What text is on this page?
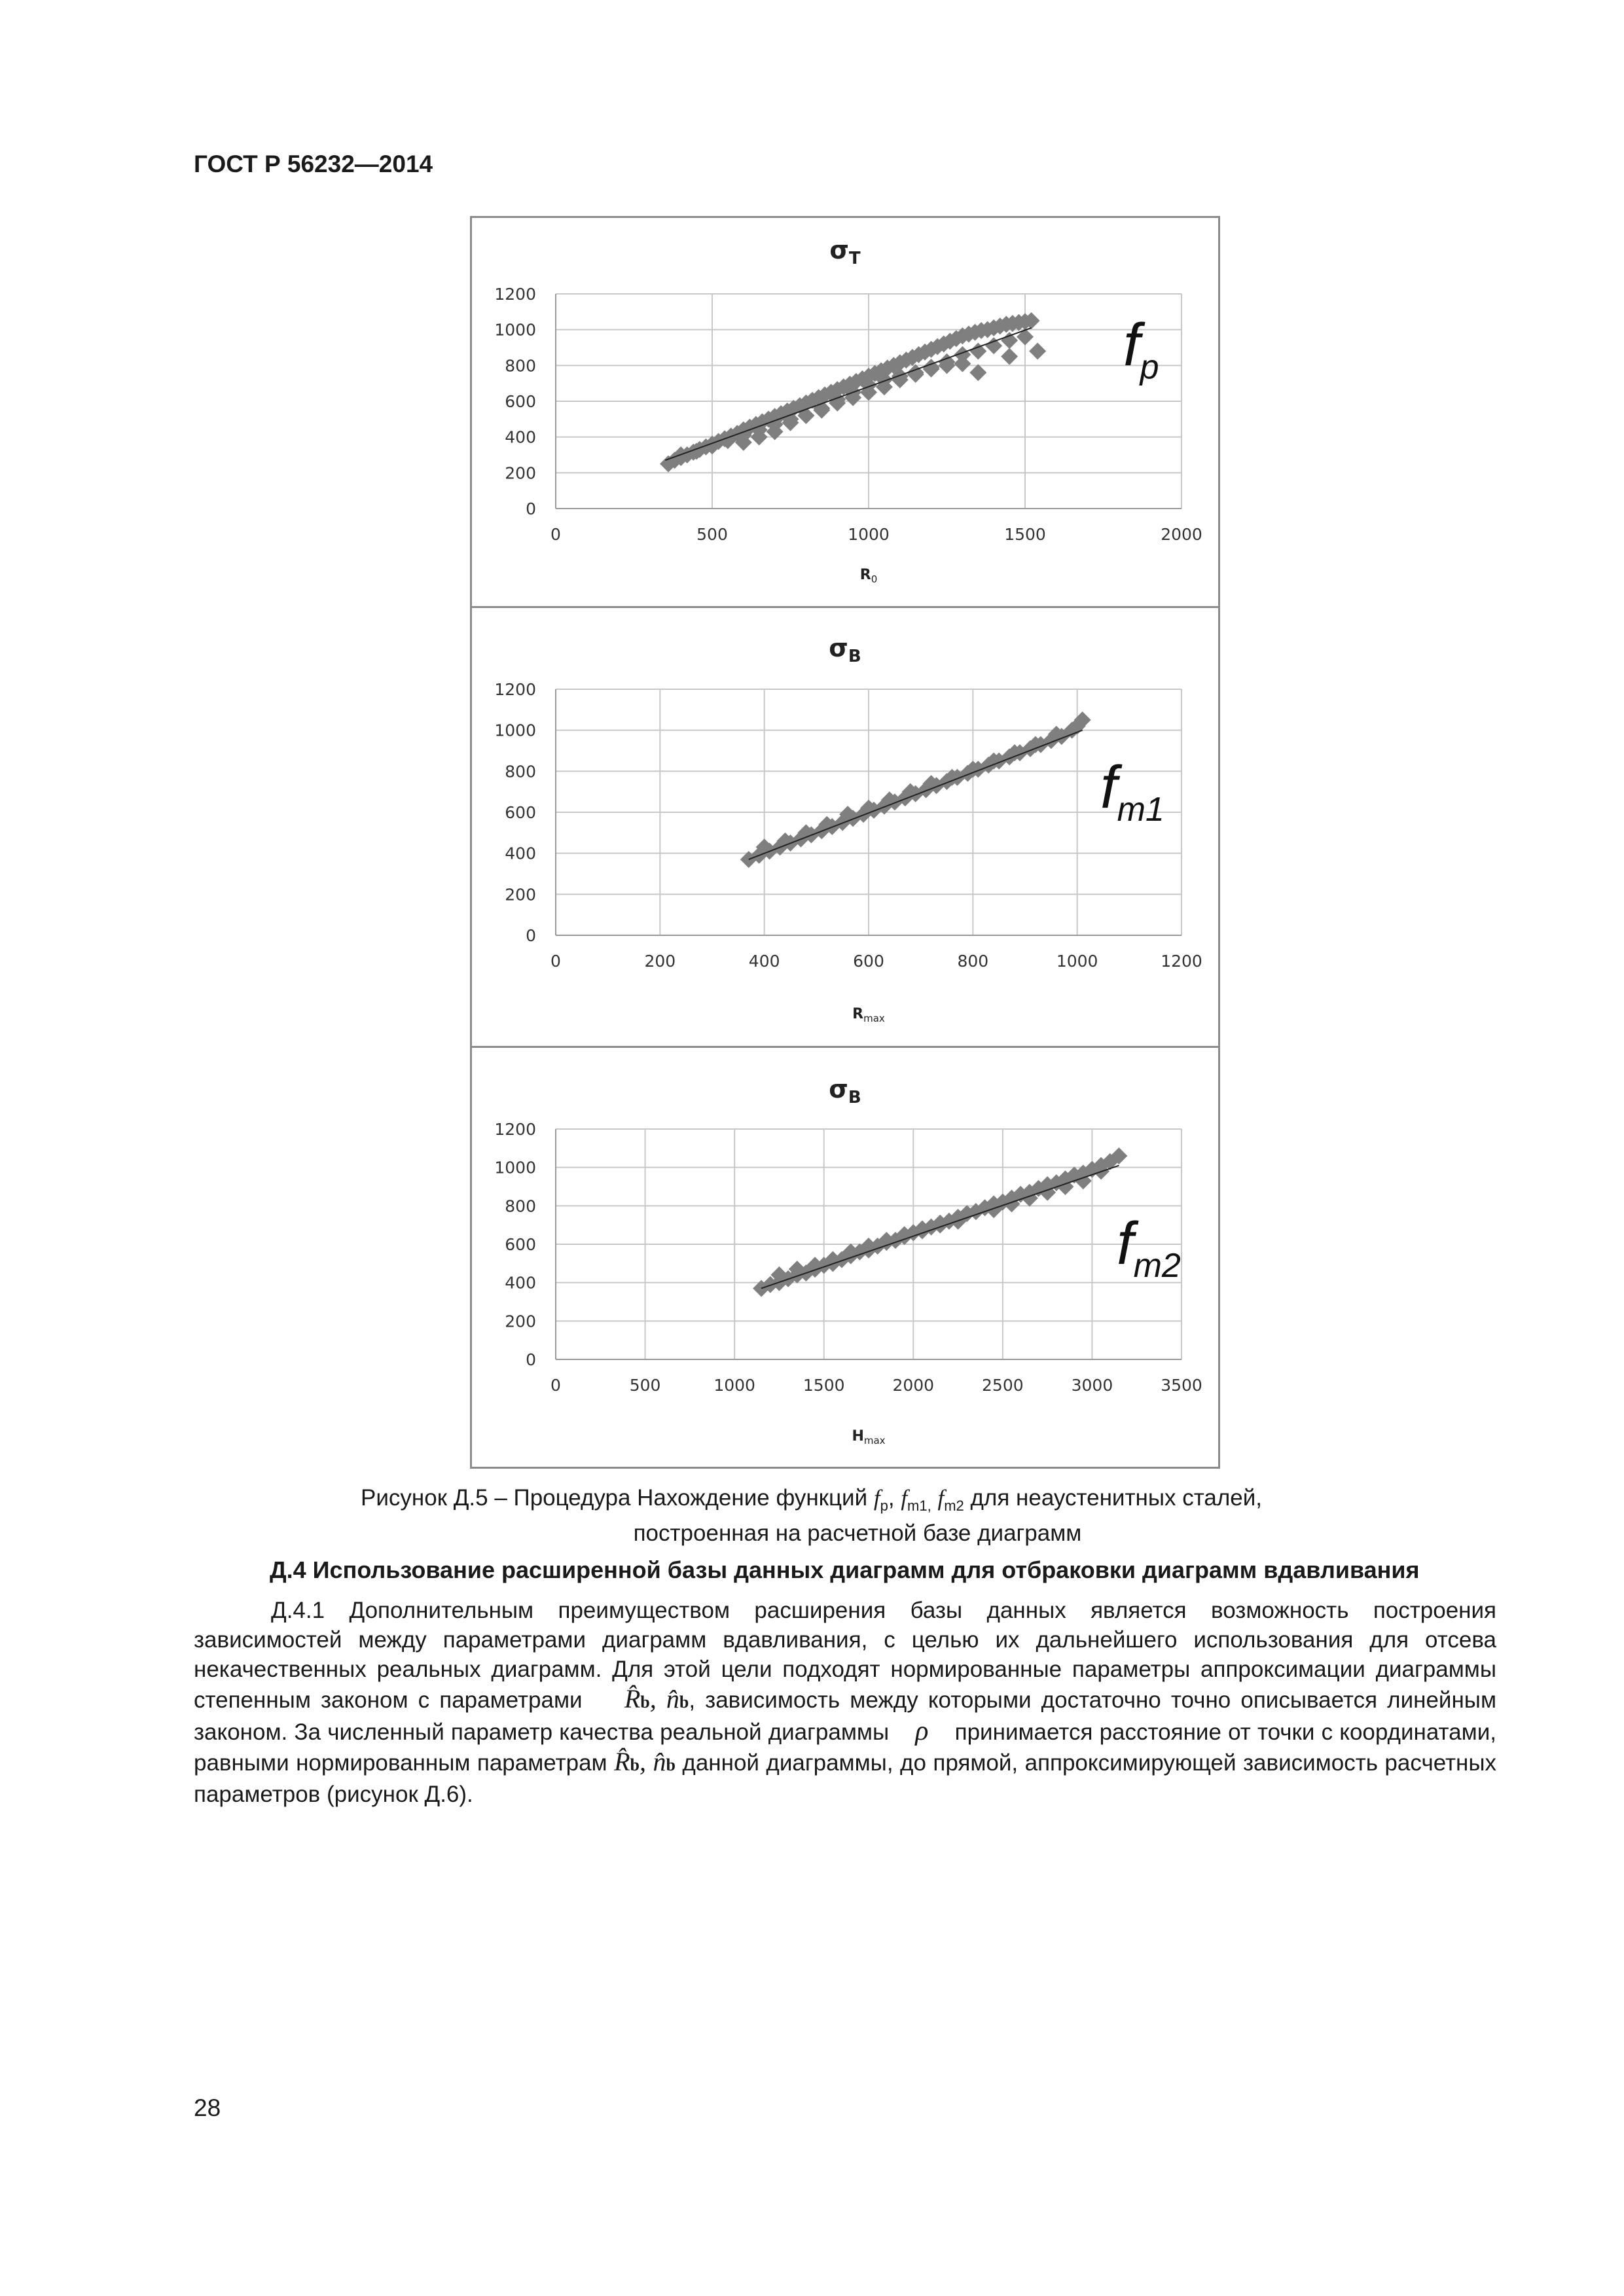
ГОСТ Р 56232—2014
$\sigma_T$
0	500	1000	1500	2000
0
200
400
600
800
1000
1200
$R_0$
$f_p$
$\sigma_B$
0	200	400	600	800	1000	1200
0
200
400
600
800
1000
1200
$R_{max}$
$f_{m1}$
$\sigma_B$
0	500	1000	1500	2000	2500	3000	3500
0
200
400
600
800
1000
1200
$H_{max}$
$f_{m2}$
Рисунок Д.5 – Процедура Нахождение функций $f_p$, $f_{m1,}$ $f_{m2}$ для неаустенитных сталей,
построенная на расчетной базе диаграмм
Д.4 Использование расширенной базы данных диаграмм для отбраковки диаграмм вдавливания

Д.4.1 Дополнительным преимуществом расширения базы данных является возможность построения зависимостей между параметрами диаграмм вдавливания, с целью их дальнейшего использования для отсева некачественных реальных диаграмм. Для этой цели подходят нормированные параметры аппроксимации диаграммы степенным законом с параметрами R̂b, n̂b, зависимость между которыми достаточно точно описывается линейным законом. За численный параметр качества реальной диаграммы ρ принимается расстояние от точки с координатами, равными нормированным параметрам R̂b, n̂b данной диаграммы, до прямой, аппроксимирующей зависимость расчетных параметров (рисунок Д.6).

28
